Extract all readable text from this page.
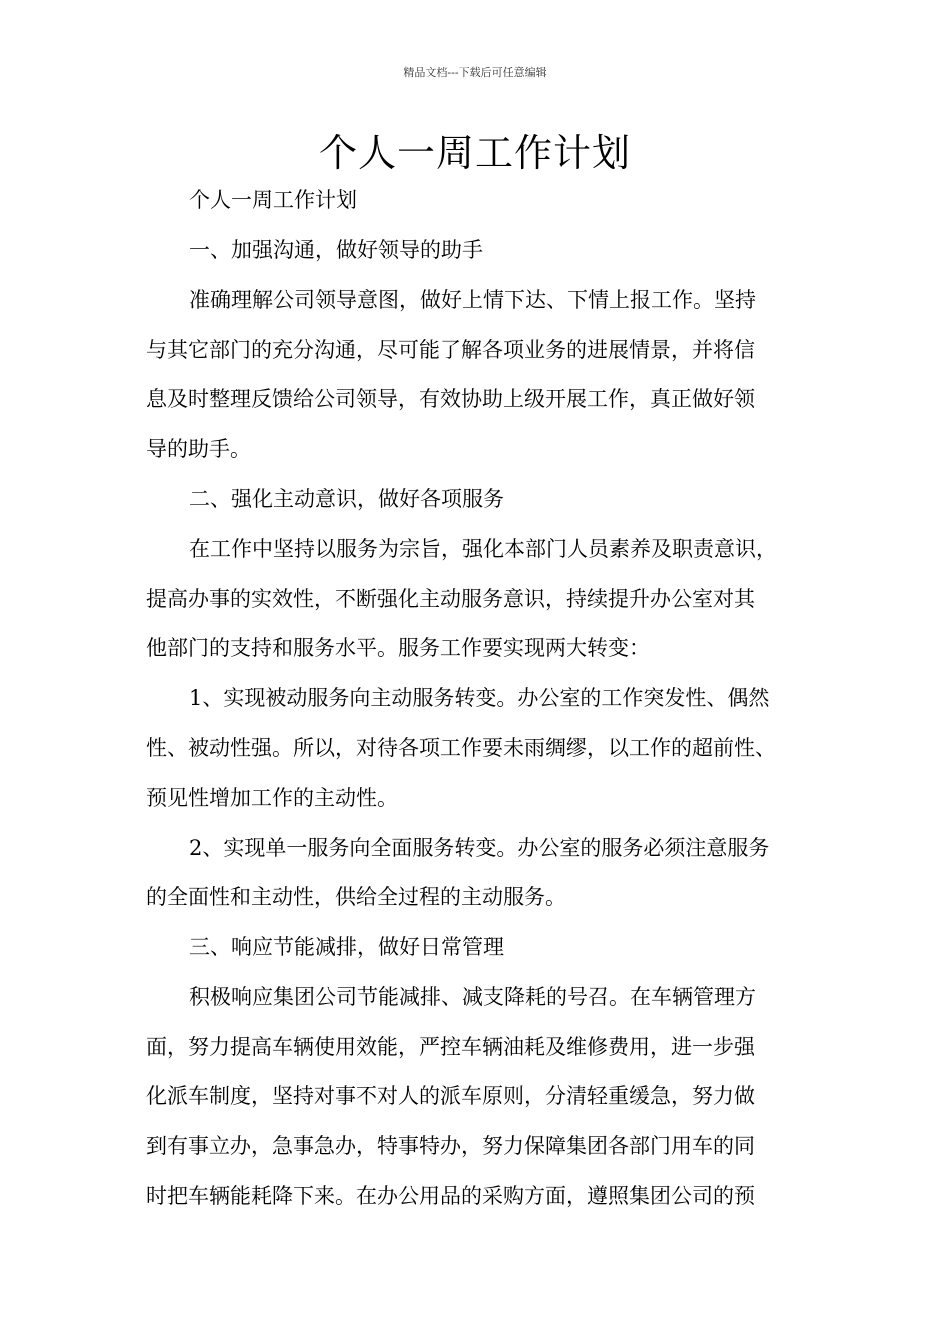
精品文档---下载后可任意编辑
个人一周工作计划
个人一周工作计划
一、加强沟通，做好领导的助手
准确理解公司领导意图，做好上情下达、下情上报工作。坚持
与其它部门的充分沟通，尽可能了解各项业务的进展情景，并将信
息及时整理反馈给公司领导，有效协助上级开展工作，真正做好领
导的助手。
二、强化主动意识，做好各项服务
在工作中坚持以服务为宗旨，强化本部门人员素养及职责意识，
提高办事的实效性，不断强化主动服务意识，持续提升办公室对其
他部门的支持和服务水平。服务工作要实现两大转变：
1、实现被动服务向主动服务转变。办公室的工作突发性、偶然
性、被动性强。所以，对待各项工作要未雨绸缪，以工作的超前性、
预见性增加工作的主动性。
2、实现单一服务向全面服务转变。办公室的服务必须注意服务
的全面性和主动性，供给全过程的主动服务。
三、响应节能减排，做好日常管理
积极响应集团公司节能减排、减支降耗的号召。在车辆管理方
面，努力提高车辆使用效能，严控车辆油耗及维修费用，进一步强
化派车制度，坚持对事不对人的派车原则，分清轻重缓急，努力做
到有事立办，急事急办，特事特办，努力保障集团各部门用车的同
时把车辆能耗降下来。在办公用品的采购方面，遵照集团公司的预
